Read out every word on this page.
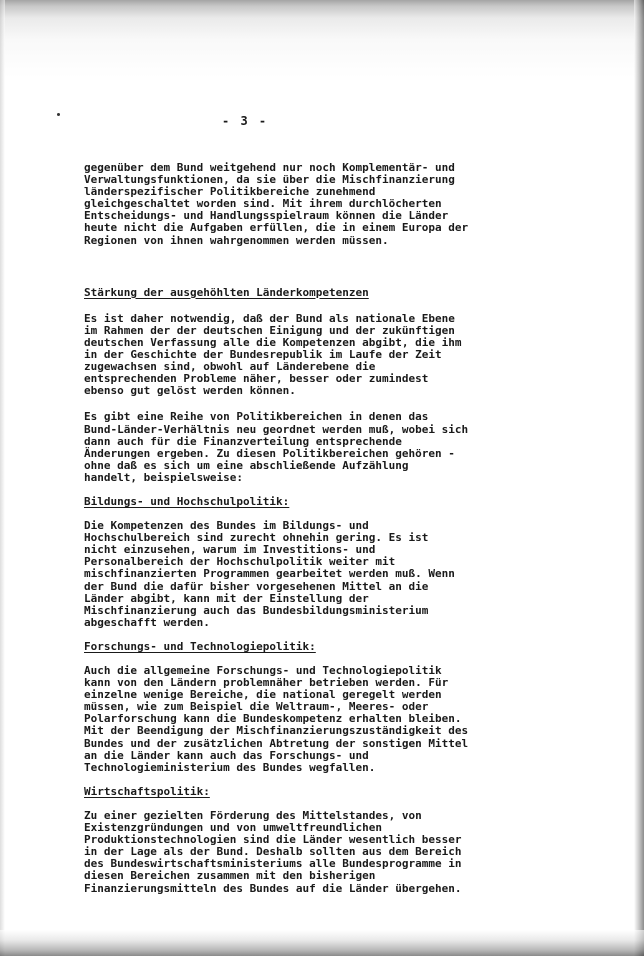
- 3 -
gegenüber dem Bund weitgehend nur noch Komplementär- und
Verwaltungsfunktionen, da sie über die Mischfinanzierung
länderspezifischer Politikbereiche zunehmend
gleichgeschaltet worden sind. Mit ihrem durchlöcherten
Entscheidungs- und Handlungsspielraum können die Länder
heute nicht die Aufgaben erfüllen, die in einem Europa der
Regionen von ihnen wahrgenommen werden müssen.
Stärkung der ausgehöhlten Länderkompetenzen
Es ist daher notwendig, daß der Bund als nationale Ebene
im Rahmen der der deutschen Einigung und der zukünftigen
deutschen Verfassung alle die Kompetenzen abgibt, die ihm
in der Geschichte der Bundesrepublik im Laufe der Zeit
zugewachsen sind, obwohl auf Länderebene die
entsprechenden Probleme näher, besser oder zumindest
ebenso gut gelöst werden können.
Es gibt eine Reihe von Politikbereichen in denen das
Bund-Länder-Verhältnis neu geordnet werden muß, wobei sich
dann auch für die Finanzverteilung entsprechende
Änderungen ergeben. Zu diesen Politikbereichen gehören -
ohne daß es sich um eine abschließende Aufzählung
handelt, beispielsweise:
Bildungs- und Hochschulpolitik:
Die Kompetenzen des Bundes im Bildungs- und
Hochschulbereich sind zurecht ohnehin gering. Es ist
nicht einzusehen, warum im Investitions- und
Personalbereich der Hochschulpolitik weiter mit
mischfinanzierten Programmen gearbeitet werden muß. Wenn
der Bund die dafür bisher vorgesehenen Mittel an die
Länder abgibt, kann mit der Einstellung der
Mischfinanzierung auch das Bundesbildungsministerium
abgeschafft werden.
Forschungs- und Technologiepolitik:
Auch die allgemeine Forschungs- und Technologiepolitik
kann von den Ländern problemnäher betrieben werden. Für
einzelne wenige Bereiche, die national geregelt werden
müssen, wie zum Beispiel die Weltraum-, Meeres- oder
Polarforschung kann die Bundeskompetenz erhalten bleiben.
Mit der Beendigung der Mischfinanzierungszuständigkeit des
Bundes und der zusätzlichen Abtretung der sonstigen Mittel
an die Länder kann auch das Forschungs- und
Technologieministerium des Bundes wegfallen.
Wirtschaftspolitik:
Zu einer gezielten Förderung des Mittelstandes, von
Existenzgründungen und von umweltfreundlichen
Produktionstechnologien sind die Länder wesentlich besser
in der Lage als der Bund. Deshalb sollten aus dem Bereich
des Bundeswirtschaftsministeriums alle Bundesprogramme in
diesen Bereichen zusammen mit den bisherigen
Finanzierungsmitteln des Bundes auf die Länder übergehen.
